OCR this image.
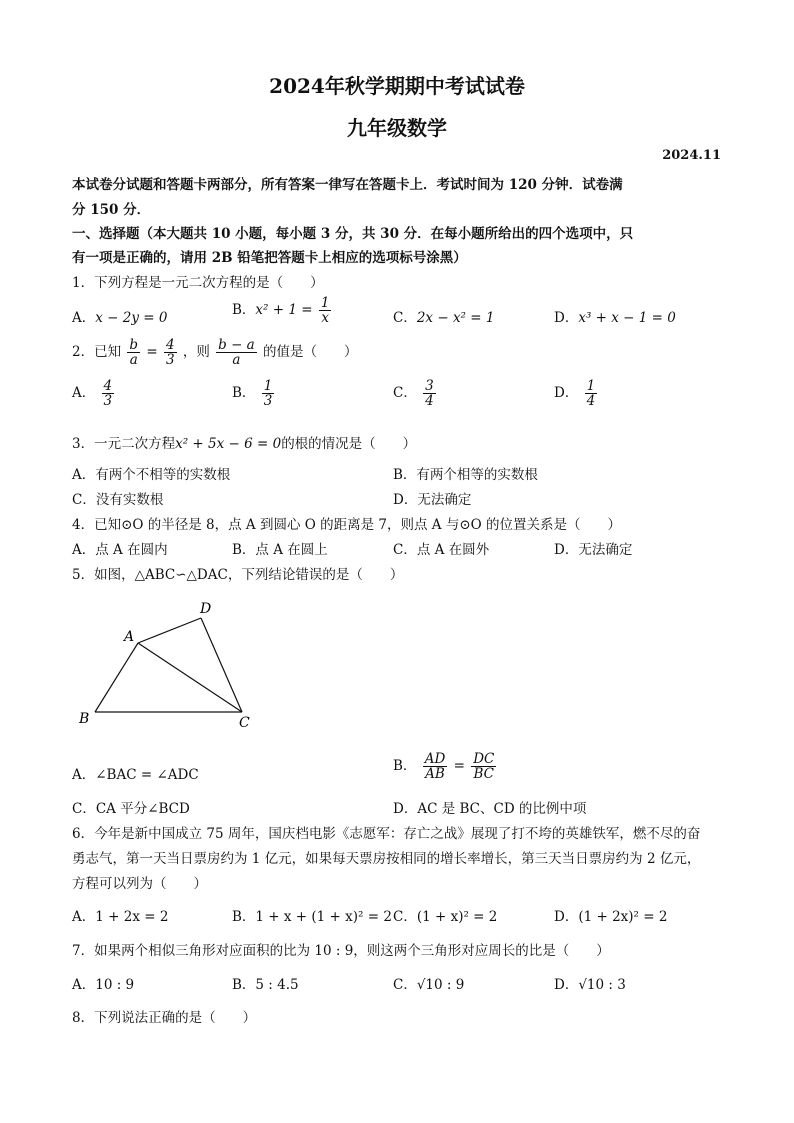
2024年秋学期期中考试试卷
九年级数学
2024.11
本试卷分试题和答题卡两部分，所有答案一律写在答题卡上．考试时间为 120 分钟．试卷满
分 150 分．
一、选择题（本大题共 10 小题，每小题 3 分，共 30 分．在每小题所给出的四个选项中，只
有一项是正确的，请用 2B 铅笔把答题卡上相应的选项标号涂黑）
1．下列方程是一元二次方程的是（　　）
A．x − 2y = 0	B．$x^2 + 1 = \frac{1}{x}$	C．2x − x² = 1	D．x³ + x − 1 = 0
2．已知 $\frac{b}{a} = \frac{4}{3}$ ，则 $\frac{b - a}{a}$ 的值是（　　）
A． $\frac{4}{3}$	B． $\frac{1}{3}$	C． $\frac{3}{4}$	D． $\frac{1}{4}$
3．一元二次方程x² + 5x − 6 = 0的根的情况是（　　）
A．有两个不相等的实数根	B．有两个相等的实数根
C．没有实数根	D．无法确定
4．已知⊙O 的半径是 8，点 A 到圆心 O 的距离是 7，则点 A 与⊙O 的位置关系是（　　）
A．点 A 在圆内	B．点 A 在圆上	C．点 A 在圆外	D．无法确定
5．如图，△ABC∽△DAC，下列结论错误的是（　　）
A
D
B	C
A．∠BAC = ∠ADC
B． $\frac{AD}{AB} = \frac{DC}{BC}$
C．CA 平分∠BCD	D．AC 是 BC、CD 的比例中项
6．今年是新中国成立 75 周年，国庆档电影《志愿军：存亡之战》展现了打不垮的英雄铁军，燃不尽的奋
勇志气，第一天当日票房约为 1 亿元，如果每天票房按相同的增长率增长，第三天当日票房约为 2 亿元，
方程可以列为（　　）
A．1 + 2x = 2	B．1 + x + (1 + x)² = 2 C．(1 + x)² = 2	D．(1 + 2x)² = 2
7．如果两个相似三角形对应面积的比为 10 : 9，则这两个三角形对应周长的比是（　　）
A．10 : 9	B．5 : 4.5	C．√10 : 9	D．√10 : 3
8．下列说法正确的是（　　）
